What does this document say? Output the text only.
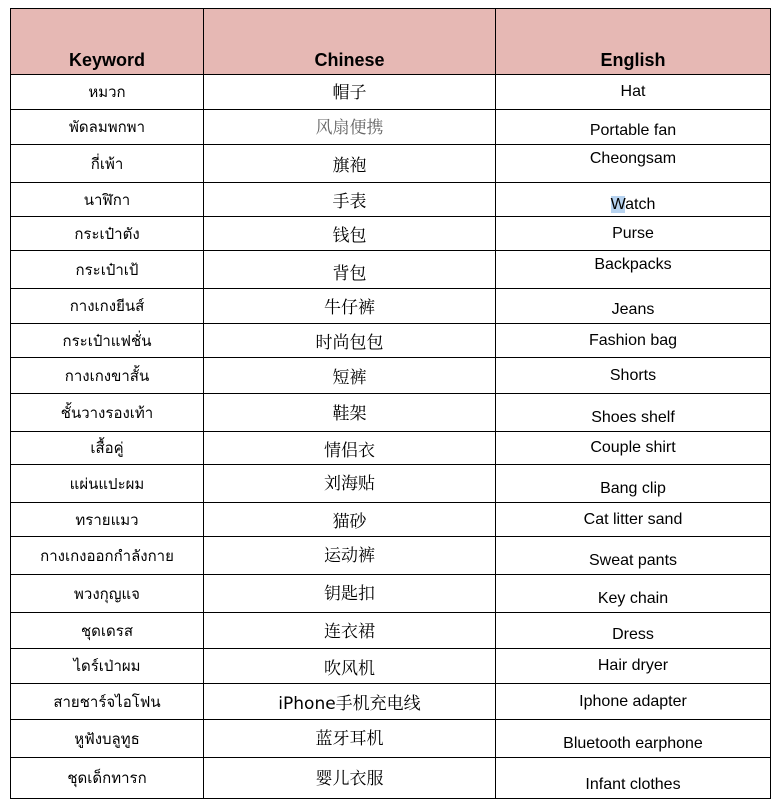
Keyword	Chinese	English
หมวก	帽子	Hat
พัดลมพกพา	风扇便携	Portable fan
กี่เพ้า	旗袍	Cheongsam
นาฬิกา	手表	Watch
กระเป๋าตัง	钱包	Purse
กระเป๋าเป้	背包	Backpacks
กางเกงยีนส์	牛仔裤	Jeans
กระเป๋าแฟชั่น	时尚包包	Fashion bag
กางเกงขาสั้น	短裤	Shorts
ชั้นวางรองเท้า	鞋架	Shoes shelf
เสื้อคู่	情侣衣	Couple shirt
แผ่นแปะผม	刘海贴	Bang clip
ทรายแมว	猫砂	Cat litter sand
กางเกงออกกำลังกาย	运动裤	Sweat pants
พวงกุญแจ	钥匙扣	Key chain
ชุดเดรส	连衣裙	Dress
ไดร์เป่าผม	吹风机	Hair dryer
สายชาร์จไอโฟน	iPhone手机充电线	Iphone adapter
หูฟังบลูทูธ	蓝牙耳机	Bluetooth earphone
ชุดเด็กทารก	婴儿衣服	Infant clothes
